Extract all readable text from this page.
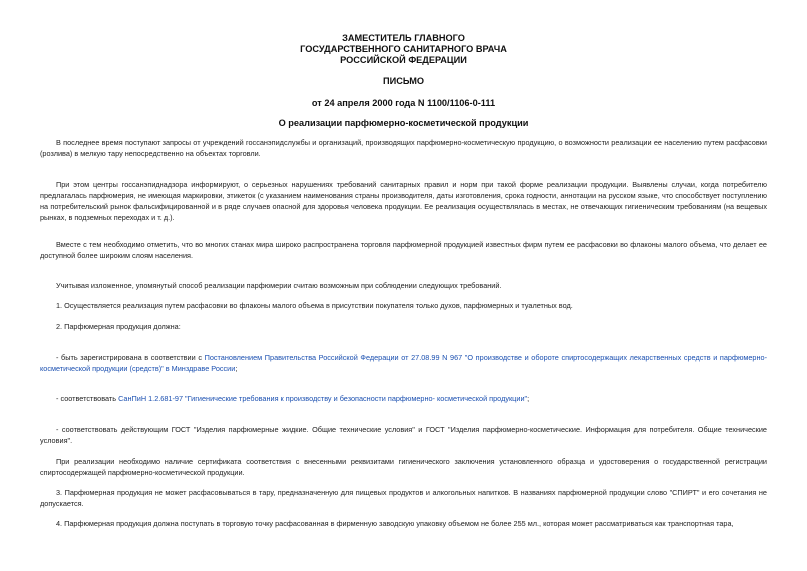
ЗАМЕСТИТЕЛЬ ГЛАВНОГО
ГОСУДАРСТВЕННОГО САНИТАРНОГО ВРАЧА
РОССИЙСКОЙ ФЕДЕРАЦИИ
ПИСЬМО
от 24 апреля 2000 года N 1100/1106-0-111
О реализации парфюмерно-косметической продукции
В последнее время поступают запросы от учреждений госсанэпидслужбы и организаций, производящих парфюмерно-косметическую продукцию, о возможности реализации ее населению путем расфасовки (розлива) в мелкую тару непосредственно на объектах торговли.
При этом центры госсанэпиднадзора информируют, о серьезных нарушениях требований санитарных правил и норм при такой форме реализации продукции. Выявлены случаи, когда потребителю предлагалась парфюмерия, не имеющая маркировки, этикеток (с указанием наименования страны производителя, даты изготовления, срока годности, аннотации на русском языке, что способствует поступлению на потребительский рынок фальсифицированной и в ряде случаев опасной для здоровья человека продукции. Ее реализация осуществлялась в местах, не отвечающих гигиеническим требованиям (на вещевых рынках, в подземных переходах и т. д.).
Вместе с тем необходимо отметить, что во многих станах мира широко распространена торговля парфюмерной продукцией известных фирм путем ее расфасовки во флаконы малого объема, что делает ее доступной более широким слоям населения.
Учитывая изложенное, упомянутый способ реализации парфюмерии считаю возможным при соблюдении следующих требований.
1. Осуществляется реализация путем расфасовки во флаконы малого объема в присутствии покупателя только духов, парфюмерных и туалетных вод.
2. Парфюмерная продукция должна:
- быть зарегистрирована в соответствии с Постановлением Правительства Российской Федерации от 27.08.99 N 967 "О производстве и обороте спиртосодержащих лекарственных средств и парфюмерно-косметической продукции (средств)" в Минздраве России;
- соответствовать СанПиН 1.2.681-97 "Гигиенические требования к производству и безопасности парфюмерно- косметической продукции";
- соответствовать действующим ГОСТ "Изделия парфюмерные жидкие. Общие технические условия" и ГОСТ "Изделия парфюмерно-косметические. Информация для потребителя. Общие технические условия".
При реализации необходимо наличие сертификата соответствия с внесенными реквизитами гигиенического заключения установленного образца и удостоверения о государственной регистрации спиртосодержащей парфюмерно-косметической продукции.
3. Парфюмерная продукция не может расфасовываться в тару, предназначенную для пищевых продуктов и алкогольных напитков. В названиях парфюмерной продукции слово "СПИРТ" и его сочетания не допускается.
4. Парфюмерная продукция должна поступать в торговую точку расфасованная в фирменную заводскую упаковку объемом не более 255 мл., которая может рассматриваться как транспортная тара,
